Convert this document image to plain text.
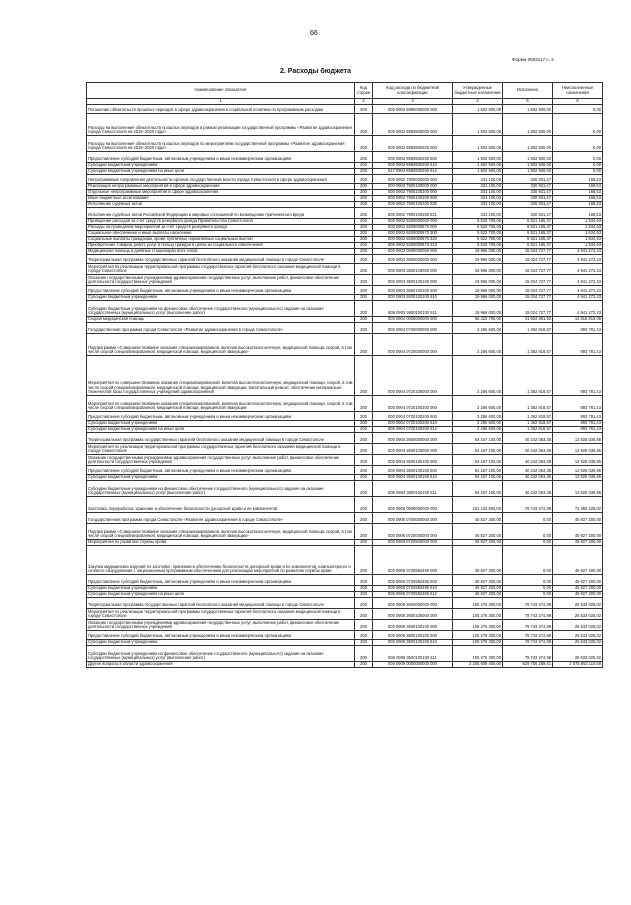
66
Форма 0503117 с. 2
2. Расходы бюджета
Наименование показателя	Код строки	Код расхода по бюджетной классификации	Утвержденные бюджетные назначения	Исполнено	Неисполненные назначения
1	2	3	4	5	6
Погашение обязательств прошлых периодов в сфере здравоохранения и социальной политики по программным расходам	200	000 0902 6990000000 000	1 602 500,00	1 602 500,00	0,00
Расходы на выполнение обязательств прошлых периодов в рамках реализации государственной программы «Развитие здравоохранения города Севастополя на 2015–2020 годы»	200	000 0902 6993500000 000	1 602 500,00	1 602 500,00	0,00
Расходы на выполнение обязательств прошлых периодов по мероприятиям государственной программы «Развитие здравоохранения города Севастополя на 2015–2020 годы»	200	000 0902 6993500200 000	1 602 500,00	1 602 500,00	0,00
Предоставление субсидий бюджетным, автономным учреждениям и иным некоммерческим организациям	200	000 0902 6993500200 600	1 602 500,00	1 602 500,00	0,00
Субсидии бюджетным учреждениям	200	000 0902 6993500200 610	1 602 500,00	1 602 500,00	0,00
Субсидии бюджетным учреждениям на иные цели	200	817 0902 6993500200 612	1 602 500,00	1 602 500,00	0,00
Непрограммные направления деятельности органов государственной власти города Севастополя в сфере здравоохранения	200	000 0902 7900000000 000	331 100,00	330 931,47	168,53
Реализация непрограммных мероприятий в сфере здравоохранения	200	000 0902 7900100000 000	331 100,00	330 931,47	168,53
Отдельные непрограммные мероприятия в сфере здравоохранения	200	000 0902 7900100200 000	331 100,00	330 931,47	168,53
Иные бюджетные ассигнования	200	000 0902 7900100200 800	331 100,00	330 931,47	168,53
Исполнение судебных актов	200	000 0902 7900100200 830	331 100,00	330 931,47	168,53
Исполнение судебных актов Российской Федерации и мировых соглашений по возмещению причиненного вреда	200	806 0902 7900100200 831	331 100,00	330 931,47	168,53
Проведение расходов за счет средств резервного фонда Правительства Севастополя	200	000 0902 9200000000 000	5 522 700,00	5 521 165,37	1 534,63
Расходы на проведение мероприятий за счет средств резервного фонда	200	000 0902 9200000870 000	5 522 700,00	5 521 165,37	1 534,63
Социальное обеспечение и иные выплаты населению	200	000 0902 9200000870 300	5 522 700,00	5 521 165,37	1 534,63
Социальные выплаты гражданам, кроме публичных нормативных социальных выплат	200	000 0902 9200000870 320	5 522 700,00	5 521 165,37	1 534,63
Приобретение товаров, работ, услуг в пользу граждан в целях их социального обеспечения	200	806 0902 9200000870 323	5 522 700,00	5 521 165,37	1 534,63
Медицинская помощь в дневных стационарах всех типов	200	000 0903 0000000000 000	19 966 000,00	15 024 727,77	4 941 272,23
Территориальная программа государственных гарантий бесплатного оказания медицинской помощи в городе Севастополе	200	000 0903 3600000000 000	19 966 000,00	15 024 727,77	4 941 272,23
Мероприятия по реализации территориальной программы государственных гарантий бесплатного оказания медицинской помощи в городе Севастополе	200	000 0903 3600100000 000	19 966 000,00	15 024 727,77	4 941 272,23
Оказание государственными учреждениями здравоохранения государственных услуг, выполнение работ, финансовое обеспечение деятельности государственных учреждений	200	000 0903 3600100100 000	19 966 000,00	15 024 727,77	4 941 272,23
Предоставление субсидий бюджетным, автономным учреждениям и иным некоммерческим организациям	200	000 0903 3600100100 600	19 966 000,00	15 024 727,77	4 941 272,23
Субсидии бюджетным учреждениям	200	000 0903 3600100100 610	19 966 000,00	15 024 727,77	4 941 272,23
Субсидии бюджетным учреждениям на финансовое обеспечение государственного (муниципального) задания на оказание государственных (муниципальных) услуг (выполнение работ)	200	806 0903 3600100100 611	19 966 000,00	15 024 727,77	4 941 272,23
Скорая медицинская помощь	200	000 0904 0000000000 000	56 423 700,00	41 604 881,92	14 818 818,08
Государственная программа города Севастополя «Развитие здравоохранения в городе Севастополе»	200	000 0904 0700000000 000	2 256 600,00	1 362 818,57	893 781,43
Подпрограмма «Совершенствование оказания специализированной, включая высокотехнологичную, медицинской помощи, скорой, в том числе скорой специализированной, медицинской помощи, медицинской эвакуации»	200	000 0904 0720000000 000	2 256 600,00	1 362 818,57	893 781,43
Мероприятия по совершенствованию оказания специализированной, включая высокотехнологичную, медицинской помощи, скорой, в том числе скорой специализированной, медицинской помощи, медицинской эвакуации. Капитальный ремонт, обеспечение материально-технической базы государственных учреждений здравоохранения	200	000 0904 0720100000 000	2 256 600,00	1 362 818,57	893 781,43
Мероприятия по совершенствованию оказания специализированной, включая высокотехнологичную, медицинской помощи, скорой, в том числе скорой специализированной, медицинской помощи, медицинской эвакуации	200	000 0904 0720100200 000	2 256 600,00	1 362 818,57	893 781,43
Предоставление субсидий бюджетным, автономным учреждениям и иным некоммерческим организациям	200	000 0904 0720100200 600	2 256 600,00	1 362 818,57	893 781,43
Субсидии бюджетным учреждениям	200	000 0904 0720100200 610	2 256 600,00	1 362 818,57	893 781,43
Субсидии бюджетным учреждениям на иные цели	200	806 0904 0720100200 612	2 256 600,00	1 362 818,57	893 781,43
Территориальная программа государственных гарантий бесплатного оказания медицинской помощи в городе Севастополе	200	000 0904 3600000000 000	54 167 100,00	40 242 063,35	13 925 036,65
Мероприятия по реализации территориальной программы государственных гарантий бесплатного оказания медицинской помощи в городе Севастополе	200	000 0904 3600100000 000	54 167 100,00	40 242 063,35	13 925 036,65
Оказание государственными учреждениями здравоохранения государственных услуг, выполнение работ, финансовое обеспечение деятельности государственных учреждений	200	000 0904 3600100100 000	54 167 100,00	40 242 063,35	13 925 036,65
Предоставление субсидий бюджетным, автономным учреждениям и иным некоммерческим организациям	200	000 0904 3600100100 600	54 167 100,00	40 242 063,35	13 925 036,65
Субсидии бюджетным учреждениям	200	000 0904 3600100100 610	54 167 100,00	40 242 063,35	13 925 036,65
Субсидии бюджетным учреждениям на финансовое обеспечение государственного (муниципального) задания на оказание государственных (муниципальных) услуг (выполнение работ)	200	806 0904 3600100100 611	54 167 100,00	40 242 063,35	13 925 036,65
Заготовка, переработка, хранение и обеспечение безопасности донорской крови и ее компонентов	200	000 0906 0000000000 000	151 103 500,00	78 743 274,98	72 360 225,02
Государственная программа города Севастополя «Развитие здравоохранения в городе Севастополе»	200	000 0906 0700000000 000	45 827 200,00	0,00	45 827 200,00
Подпрограмма «Совершенствование оказания специализированной, включая высокотехнологичную, медицинской помощи, скорой, в том числе скорой специализированной, медицинской помощи, медицинской эвакуации»	200	000 0906 0720000000 000	45 827 200,00	0,00	45 827 200,00
Мероприятия по развитию службы крови	200	000 0906 0720500000 000	45 827 200,00	0,00	45 827 200,00
Закупка медицинских изделий по заготовке, хранению и обеспечению безопасности донорской крови и ее компонентов, компьютерного и сетевого оборудования с лицензионным программным обеспечением для реализации мероприятий по развитию службы крови	200	000 0906 0720582490 000	45 827 200,00	0,00	45 827 200,00
Предоставление субсидий бюджетным, автономным учреждениям и иным некоммерческим организациям	200	000 0906 0720582490 600	45 827 200,00	0,00	45 827 200,00
Субсидии бюджетным учреждениям	200	000 0906 0720582490 610	45 827 200,00	0,00	45 827 200,00
Субсидии бюджетным учреждениям на иные цели	200	806 0906 0720582490 612	45 827 200,00	0,00	45 827 200,00
Территориальная программа государственных гарантий бесплатного оказания медицинской помощи в городе Севастополе	200	000 0906 3600000000 000	105 276 300,00	78 743 274,98	26 533 025,02
Мероприятия по реализации территориальной программы государственных гарантий бесплатного оказания медицинской помощи в городе Севастополе	200	000 0906 3600100000 000	105 276 300,00	78 743 274,98	26 533 025,02
Оказание государственными учреждениями здравоохранения государственных услуг, выполнение работ, финансовое обеспечение деятельности государственных учреждений	200	000 0906 3600100100 000	105 276 300,00	78 743 274,98	26 533 025,02
Предоставление субсидий бюджетным, автономным учреждениям и иным некоммерческим организациям	200	000 0906 3600100100 600	105 276 300,00	78 743 274,98	26 533 025,02
Субсидии бюджетным учреждениям	200	000 0906 3600100100 610	105 276 300,00	78 743 274,98	26 533 025,02
Субсидии бюджетным учреждениям на финансовое обеспечение государственного (муниципального) задания на оказание государственных (муниципальных) услуг (выполнение работ)	200	806 0906 3600100100 611	105 276 300,00	78 743 274,98	26 533 025,02
Другие вопросы в области здравоохранения	200	000 0909 0000000000 000	3 205 609 400,00	529 756 289,41	2 675 853 110,59
